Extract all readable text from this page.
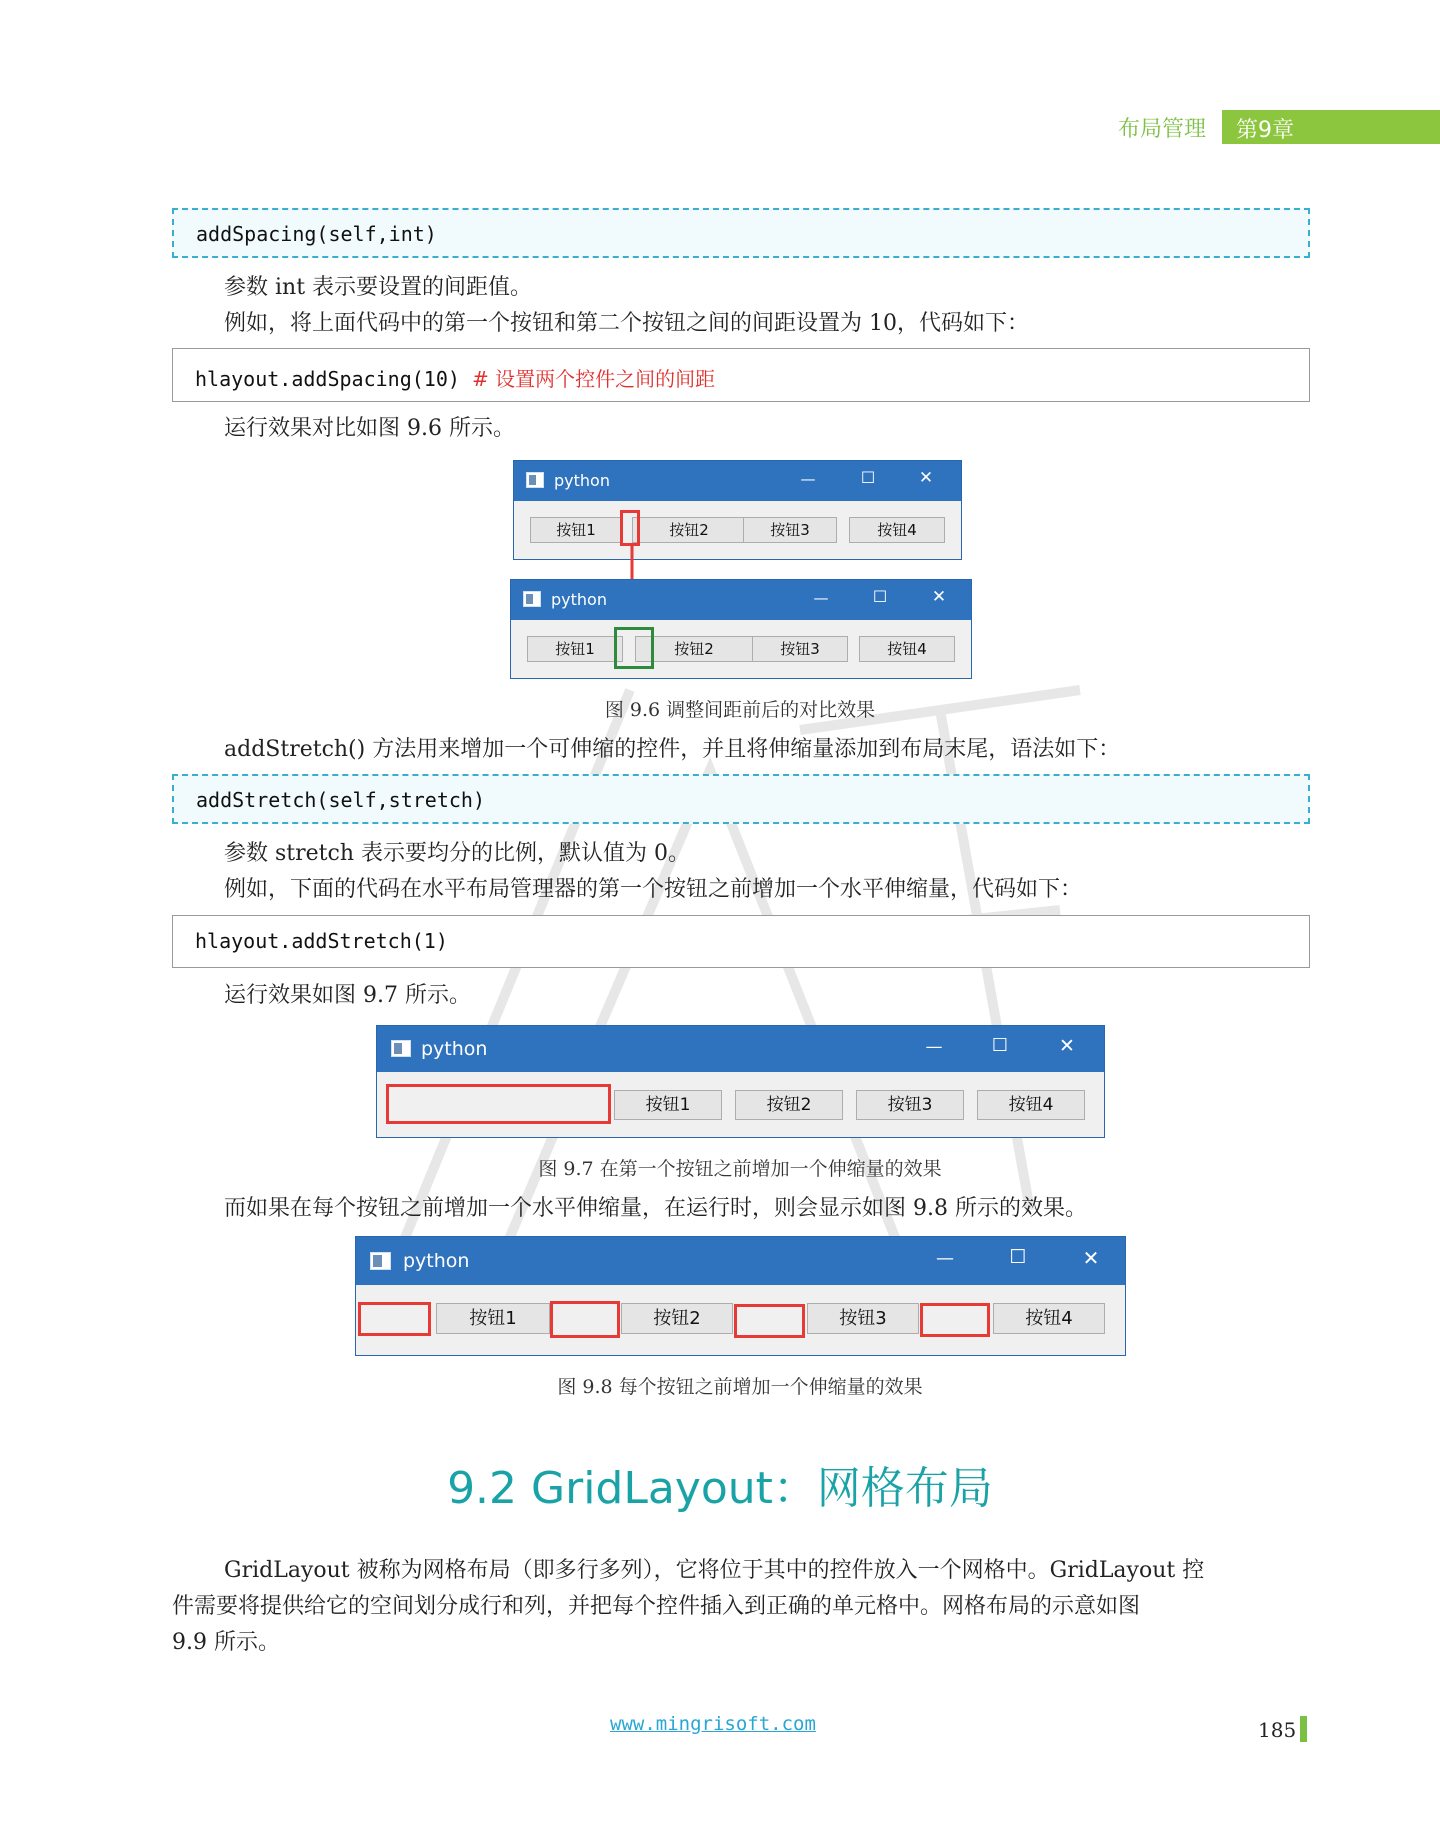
布局管理 第9章
addSpacing(self,int)
参数 int 表示要设置的间距值。
例如，将上面代码中的第一个按钮和第二个按钮之间的间距设置为 10，代码如下：
hlayout.addSpacing(10) # 设置两个控件之间的间距
运行效果对比如图 9.6 所示。
python	—	☐	✕
按钮1	按钮2	按钮3	按钮4
python	—	☐	✕
按钮1	按钮2	按钮3	按钮4
图 9.6 调整间距前后的对比效果
addStretch() 方法用来增加一个可伸缩的控件，并且将伸缩量添加到布局末尾，语法如下：
addStretch(self,stretch)
参数 stretch 表示要均分的比例，默认值为 0。
例如，下面的代码在水平布局管理器的第一个按钮之前增加一个水平伸缩量，代码如下：
hlayout.addStretch(1)
运行效果如图 9.7 所示。
python	—	☐	✕
按钮1	按钮2	按钮3	按钮4
图 9.7 在第一个按钮之前增加一个伸缩量的效果
而如果在每个按钮之前增加一个水平伸缩量，在运行时，则会显示如图 9.8 所示的效果。
python	—	☐	✕
按钮1	按钮2	按钮3	按钮4
图 9.8 每个按钮之前增加一个伸缩量的效果
9.2 GridLayout：网格布局
GridLayout 被称为网格布局（即多行多列），它将位于其中的控件放入一个网格中。GridLayout 控
件需要将提供给它的空间划分成行和列，并把每个控件插入到正确的单元格中。网格布局的示意如图
9.9 所示。
www.mingrisoft.com	185
